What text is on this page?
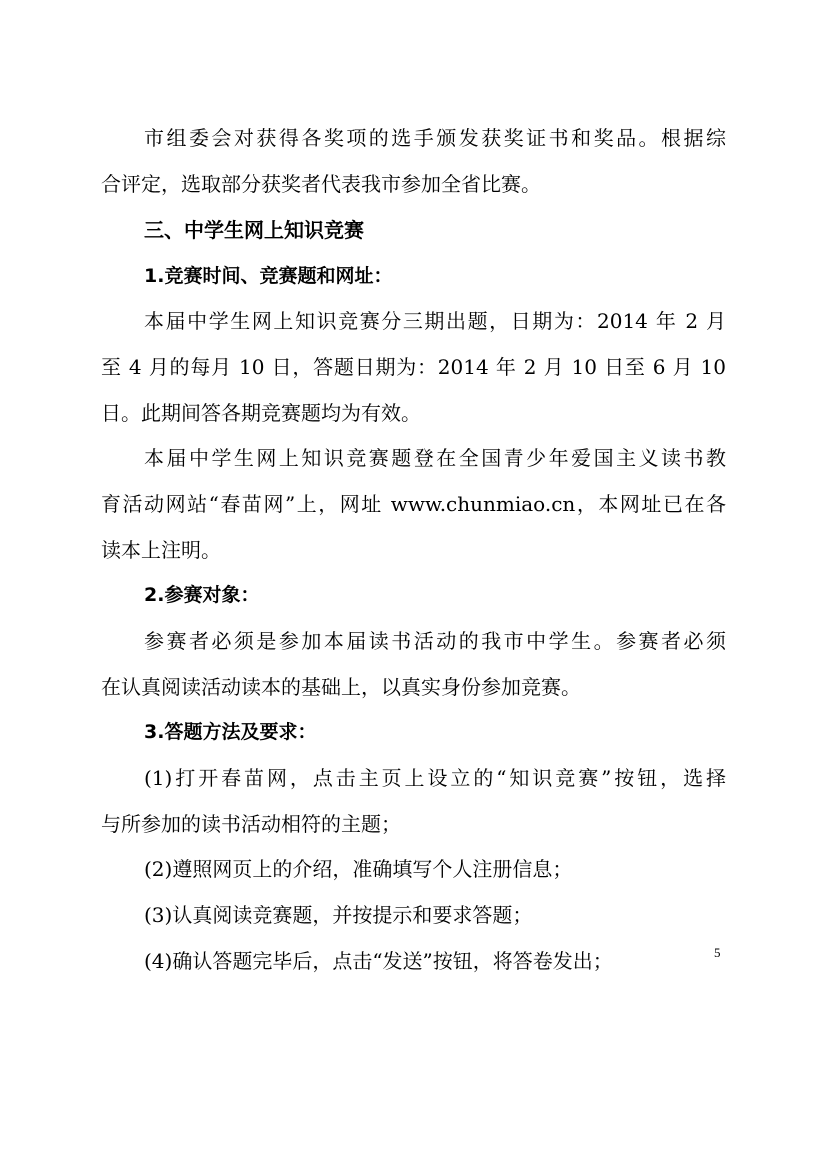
市组委会对获得各奖项的选手颁发获奖证书和奖品。根据综
合评定，选取部分获奖者代表我市参加全省比赛。
三、中学生网上知识竞赛
1.竞赛时间、竞赛题和网址：
本届中学生网上知识竞赛分三期出题，日期为：2014 年 2 月
至 4 月的每月 10 日，答题日期为：2014 年 2 月 10 日至 6 月 10
日。此期间答各期竞赛题均为有效。
本届中学生网上知识竞赛题登在全国青少年爱国主义读书教
育活动网站“春苗网”上，网址 www.chunmiao.cn，本网址已在各
读本上注明。
2.参赛对象：
参赛者必须是参加本届读书活动的我市中学生。参赛者必须
在认真阅读活动读本的基础上，以真实身份参加竞赛。
3.答题方法及要求：
(1)打开春苗网，点击主页上设立的“知识竞赛”按钮，选择
与所参加的读书活动相符的主题；
(2)遵照网页上的介绍，准确填写个人注册信息；
(3)认真阅读竞赛题，并按提示和要求答题；
(4)确认答题完毕后，点击“发送”按钮，将答卷发出；	5
